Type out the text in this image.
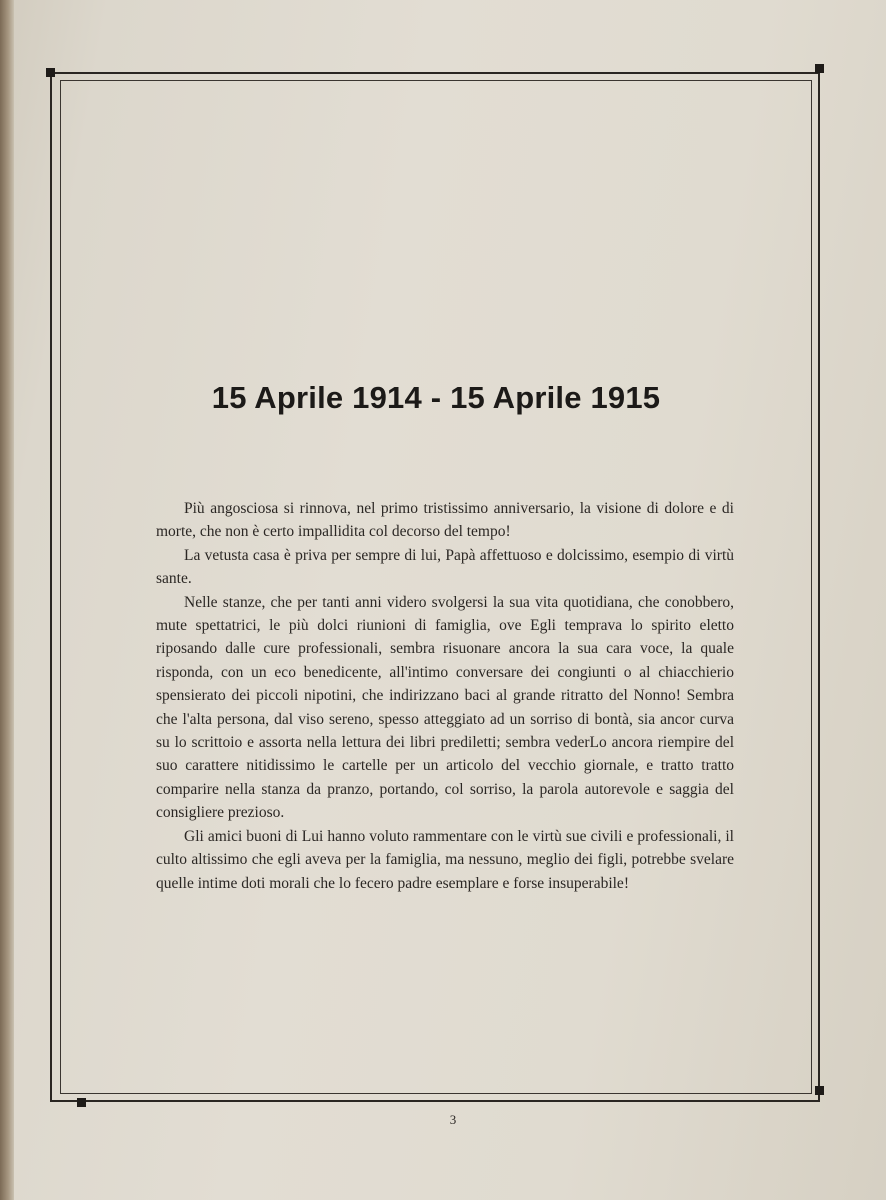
15 Aprile 1914 - 15 Aprile 1915

Più angosciosa si rinnova, nel primo tristissimo anniversario, la visione di dolore e di morte, che non è certo impallidita col decorso del tempo!

La vetusta casa è priva per sempre di lui, Papà affettuoso e dolcissimo, esempio di virtù sante.

Nelle stanze, che per tanti anni videro svolgersi la sua vita quotidiana, che conobbero, mute spettatrici, le più dolci riunioni di famiglia, ove Egli temprava lo spirito eletto riposando dalle cure professionali, sembra risuonare ancora la sua cara voce, la quale risponda, con un eco benedicente, all'intimo conversare dei congiunti o al chiacchierio spensierato dei piccoli nipotini, che indirizzano baci al grande ritratto del Nonno! Sembra che l'alta persona, dal viso sereno, spesso atteggiato ad un sorriso di bontà, sia ancor curva su lo scrittoio e assorta nella lettura dei libri prediletti; sembra vederLo ancora riempire del suo carattere nitidissimo le cartelle per un articolo del vecchio giornale, e tratto tratto comparire nella stanza da pranzo, portando, col sorriso, la parola autorevole e saggia del consigliere prezioso.

Gli amici buoni di Lui hanno voluto rammentare con le virtù sue civili e professionali, il culto altissimo che egli aveva per la famiglia, ma nessuno, meglio dei figli, potrebbe svelare quelle intime doti morali che lo fecero padre esemplare e forse insuperabile!

3
